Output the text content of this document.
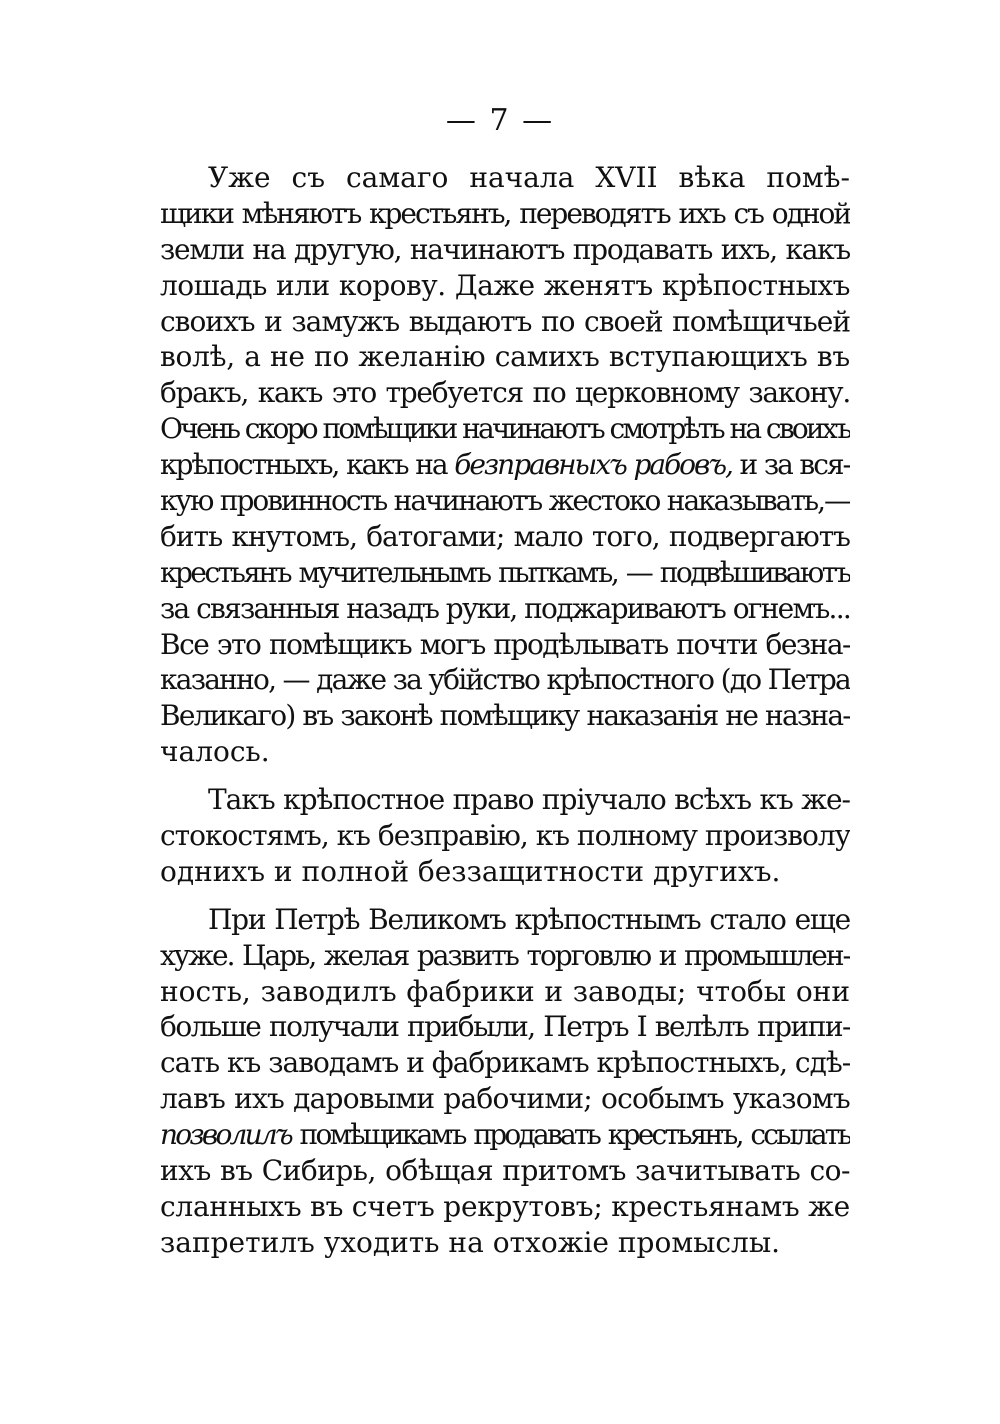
— 7 —
Уже съ самаго начала XVII вѣка помѣ-
щики мѣняютъ крестьянъ, переводятъ ихъ съ одной
земли на другую, начинаютъ продавать ихъ, какъ
лошадь или корову. Даже женятъ крѣпостныхъ
своихъ и замужъ выдаютъ по своей помѣщичьей
волѣ, а не по желанію самихъ вступающихъ въ
бракъ, какъ это требуется по церковному закону.
Очень скоро помѣщики начинаютъ смотрѣть на своихъ
крѣпостныхъ, какъ на безправныхъ рабовъ, и за вся-
кую провинность начинаютъ жестоко наказывать,—
бить кнутомъ, батогами; мало того, подвергаютъ
крестьянъ мучительнымъ пыткамъ, — подвѣшиваютъ
за связанныя назадъ руки, поджариваютъ огнемъ...
Все это помѣщикъ могъ продѣлывать почти безна-
казанно, — даже за убійство крѣпостного (до Петра
Великаго) въ законѣ помѣщику наказанія не назна-
чалось.
Такъ крѣпостное право пріучало всѣхъ къ же-
стокостямъ, къ безправію, къ полному произволу
однихъ и полной беззащитности другихъ.
При Петрѣ Великомъ крѣпостнымъ стало еще
хуже. Царь, желая развить торговлю и промышлен-
ность, заводилъ фабрики и заводы; чтобы они
больше получали прибыли, Петръ I велѣлъ припи-
сать къ заводамъ и фабрикамъ крѣпостныхъ, сдѣ-
лавъ ихъ даровыми рабочими; особымъ указомъ
позволилъ помѣщикамъ продавать крестьянъ, ссылать
ихъ въ Сибирь, обѣщая притомъ зачитывать со-
сланныхъ въ счетъ рекрутовъ; крестьянамъ же
запретилъ уходить на отхожіе промыслы.
